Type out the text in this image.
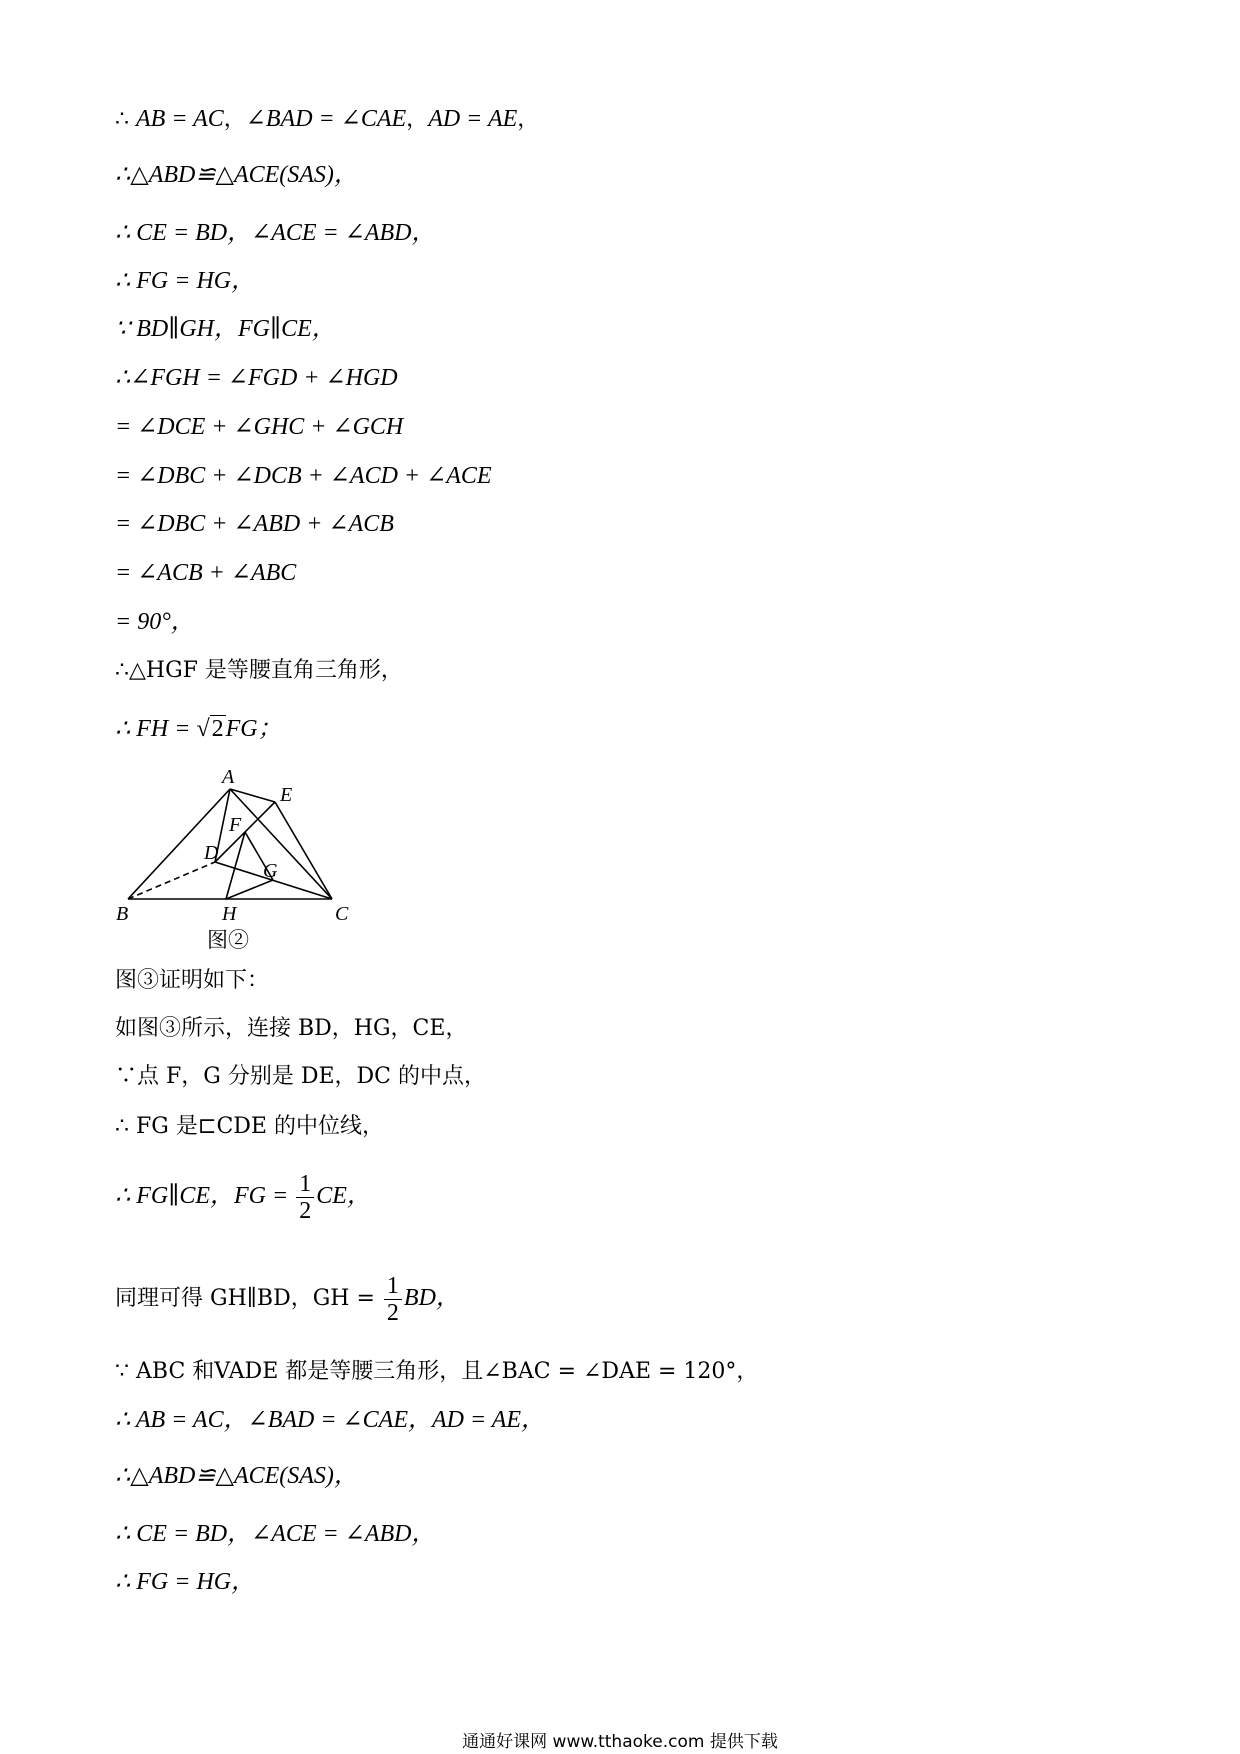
∴ AB = AC，∠BAD = ∠CAE，AD = AE，
∴△ABD≌△ACE(SAS)，
∴ CE = BD，∠ACE = ∠ABD，
∴ FG = HG，
∵ BD∥GH，FG∥CE，
∴∠FGH = ∠FGD + ∠HGD
= ∠DCE + ∠GHC + ∠GCH
= ∠DBC + ∠DCB + ∠ACD + ∠ACE
= ∠DBC + ∠ABD + ∠ACB
= ∠ACB + ∠ABC
= 90°，
∴△HGF 是等腰直角三角形，
∴ FH = √2FG；
A
E
F
D
G
B	H	C
图②
图③证明如下：
如图③所示，连接 BD，HG，CE，
∵点 F，G 分别是 DE，DC 的中点，
∴ FG 是⊏CDE 的中位线，
∴ FG∥CE，FG = $\frac{1}{2}$ CE，
同理可得 GH∥BD，GH = $\frac{1}{2}$ BD，
∵ ABC 和VADE 都是等腰三角形，且∠BAC = ∠DAE = 120°，
∴ AB = AC，∠BAD = ∠CAE，AD = AE，
∴△ABD≌△ACE(SAS)，
∴ CE = BD，∠ACE = ∠ABD，
∴ FG = HG，
通通好课网 www.tthaoke.com 提供下载
